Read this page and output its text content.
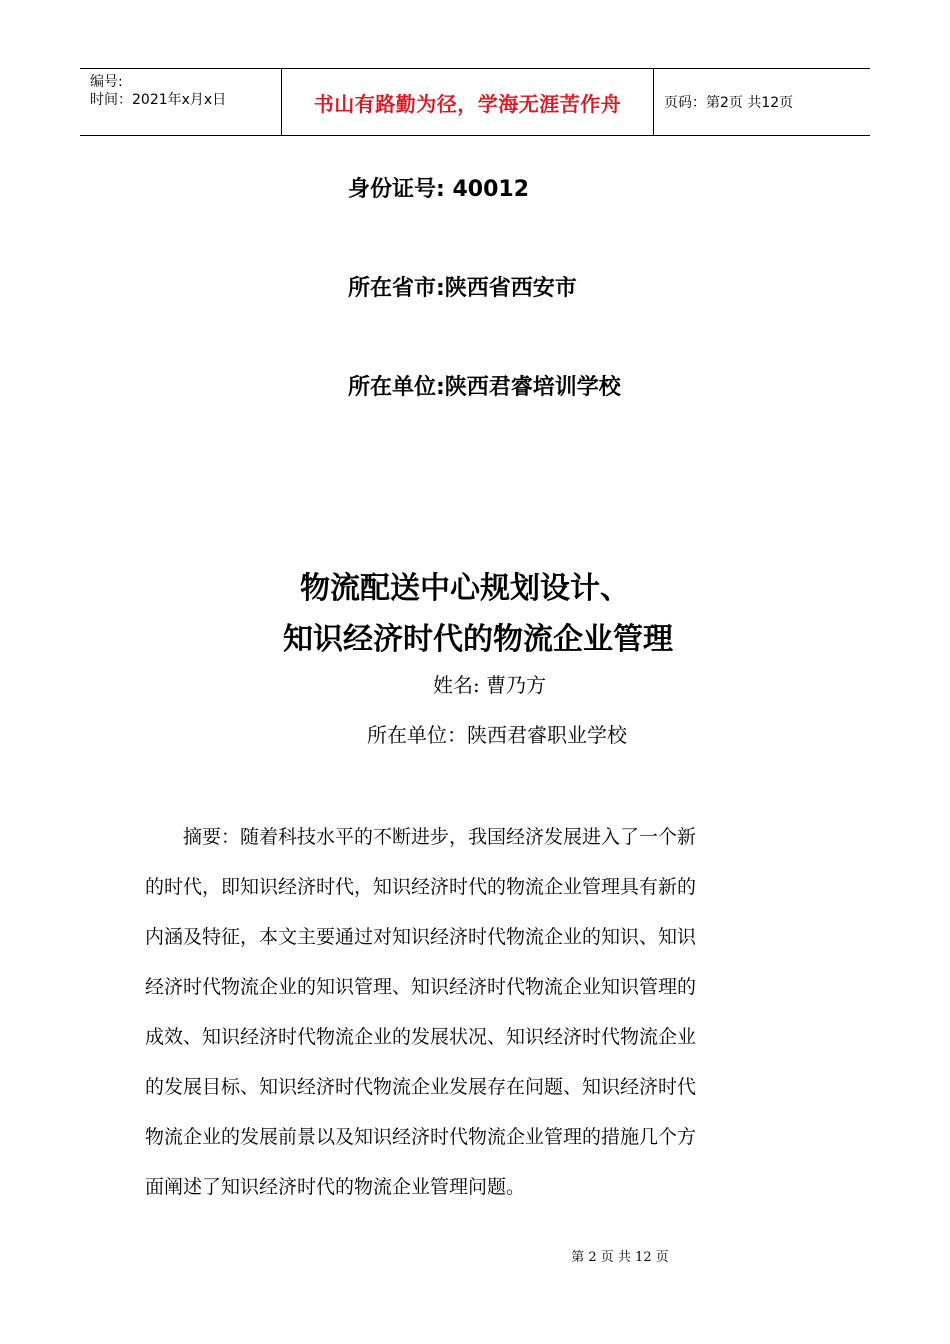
编号:
时间：2021年x月x日	书山有路勤为径，学海无涯苦作舟	页码：第2页 共12页
身份证号: 40012
所在省市:陕西省西安市
所在单位:陕西君睿培训学校
物流配送中心规划设计、
知识经济时代的物流企业管理
姓名: 曹乃方
所在单位：陕西君睿职业学校
　　摘要：随着科技水平的不断进步，我国经济发展进入了一个新
的时代，即知识经济时代，知识经济时代的物流企业管理具有新的
内涵及特征，本文主要通过对知识经济时代物流企业的知识、知识
经济时代物流企业的知识管理、知识经济时代物流企业知识管理的
成效、知识经济时代物流企业的发展状况、知识经济时代物流企业
的发展目标、知识经济时代物流企业发展存在问题、知识经济时代
物流企业的发展前景以及知识经济时代物流企业管理的措施几个方
面阐述了知识经济时代的物流企业管理问题。
第 2 页 共 12 页
